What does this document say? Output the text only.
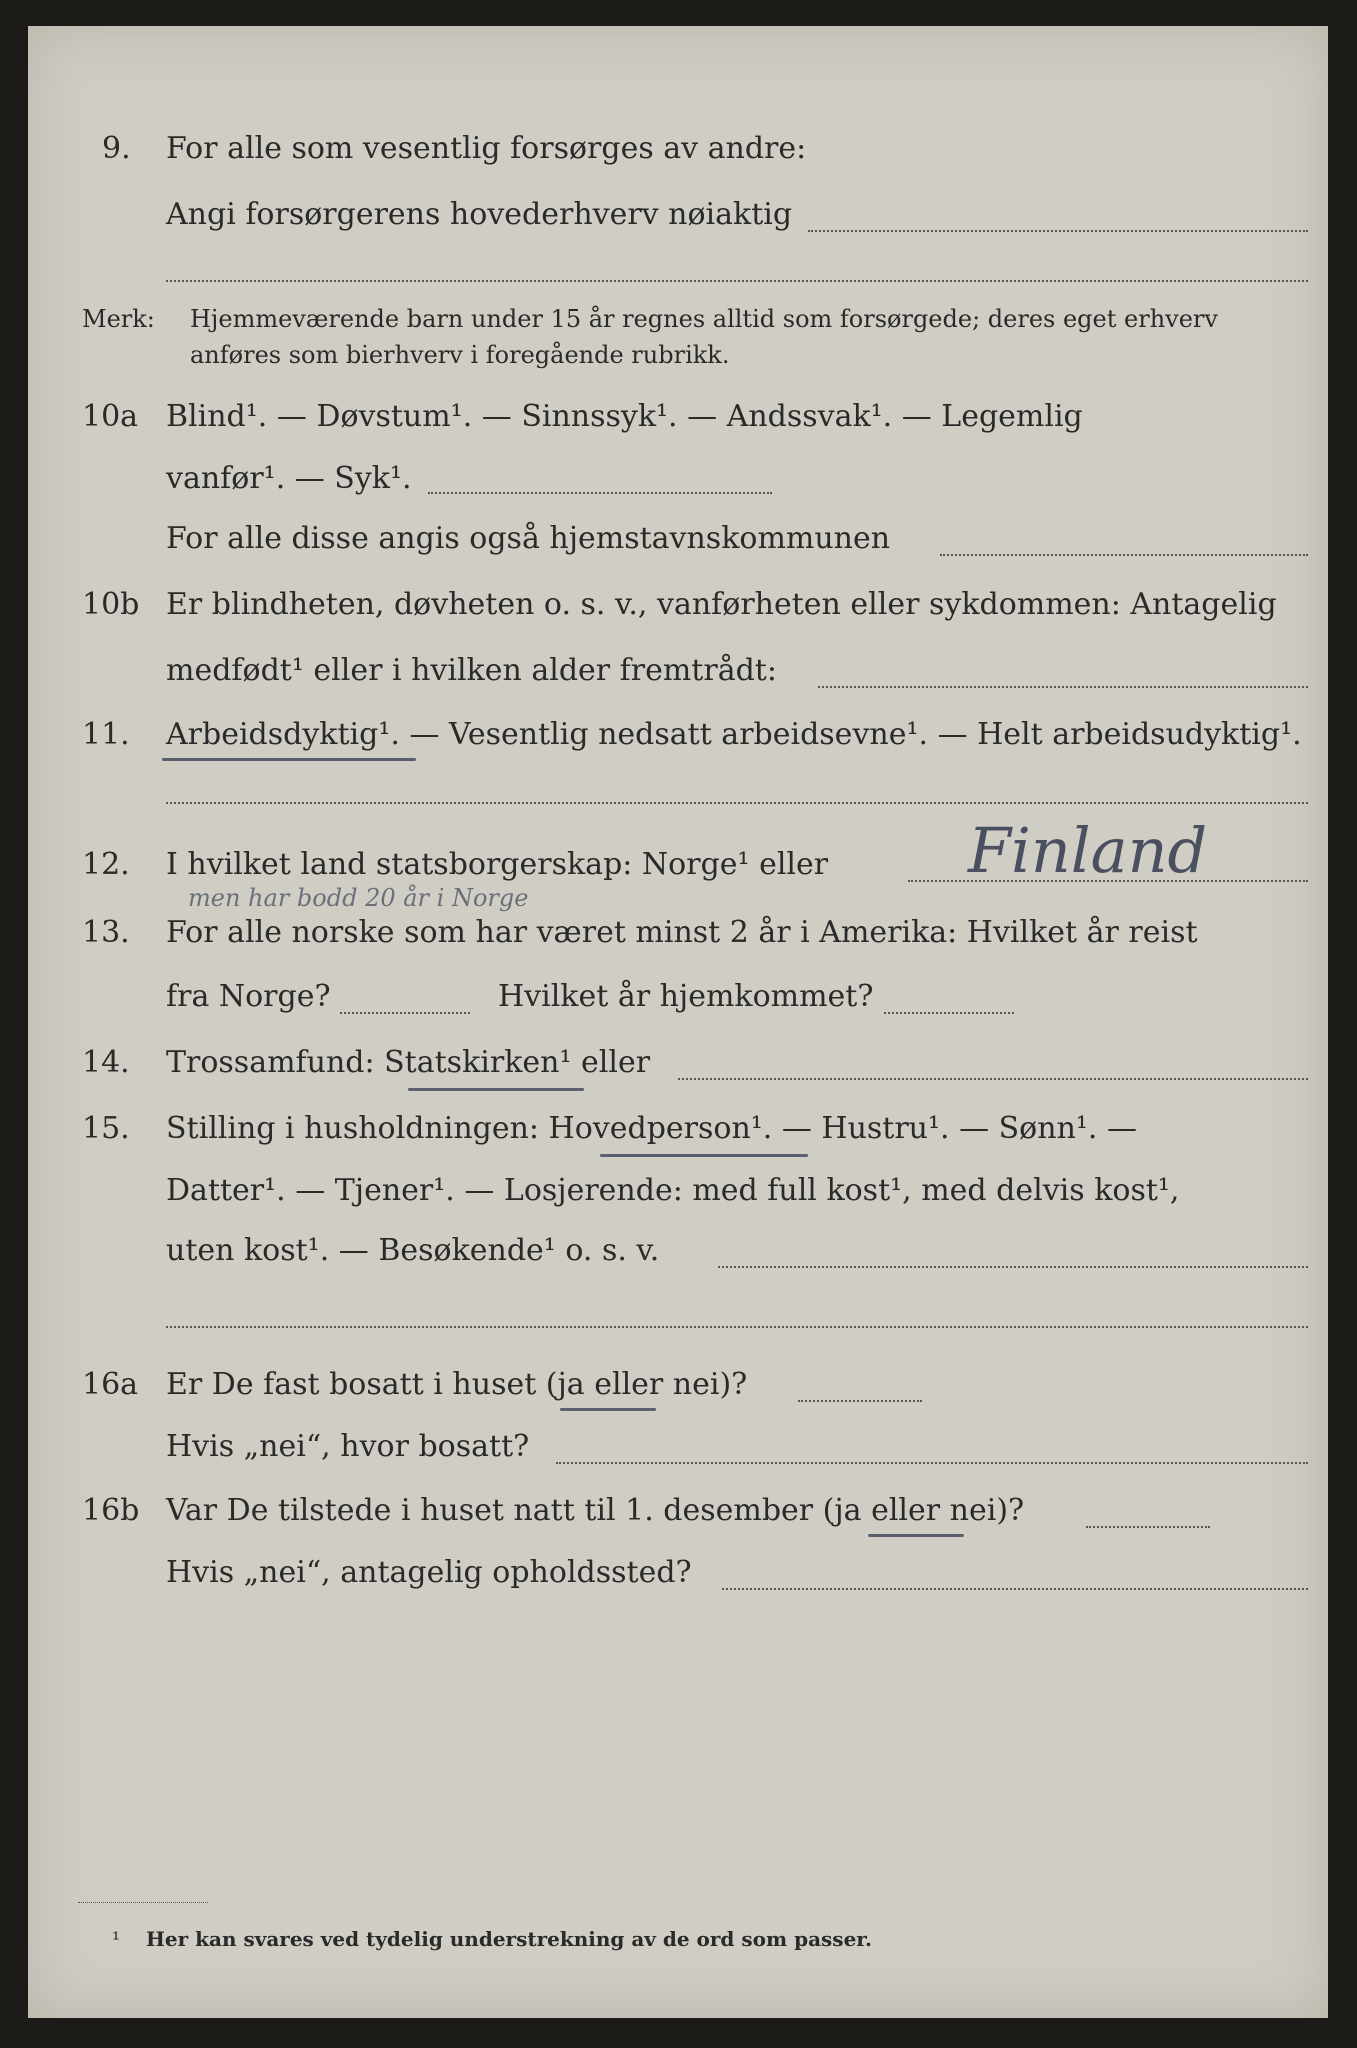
9. For alle som vesentlig forsørges av andre:
Angi forsørgerens hovederhverv nøiaktig
Merk: Hjemmeværende barn under 15 år regnes alltid som forsørgede; deres eget erhverv
anføres som bierhverv i foregående rubrikk.
10a Blind¹. — Døvstum¹. — Sinnssyk¹. — Andssvak¹. — Legemlig
vanfør¹. — Syk¹.
For alle disse angis også hjemstavnskommunen
10b Er blindheten, døvheten o. s. v., vanførheten eller sykdommen: Antagelig
medfødt¹ eller i hvilken alder fremtrådt:
11. Arbeidsdyktig¹. — Vesentlig nedsatt arbeidsevne¹. — Helt arbeidsudyktig¹.
12. I hvilket land statsborgerskap: Norge¹ eller Finland
men har bodd 20 år i Norge
13. For alle norske som har været minst 2 år i Amerika: Hvilket år reist
fra Norge?	Hvilket år hjemkommet?
14. Trossamfund: Statskirken¹ eller
15. Stilling i husholdningen: Hovedperson¹. — Hustru¹. — Sønn¹. —
Datter¹. — Tjener¹. — Losjerende: med full kost¹, med delvis kost¹,
uten kost¹. — Besøkende¹ o. s. v.
16a Er De fast bosatt i huset (ja eller nei)?
Hvis „nei“, hvor bosatt?
16b Var De tilstede i huset natt til 1. desember (ja eller nei)?
Hvis „nei“, antagelig opholdssted?
¹ Her kan svares ved tydelig understrekning av de ord som passer.
